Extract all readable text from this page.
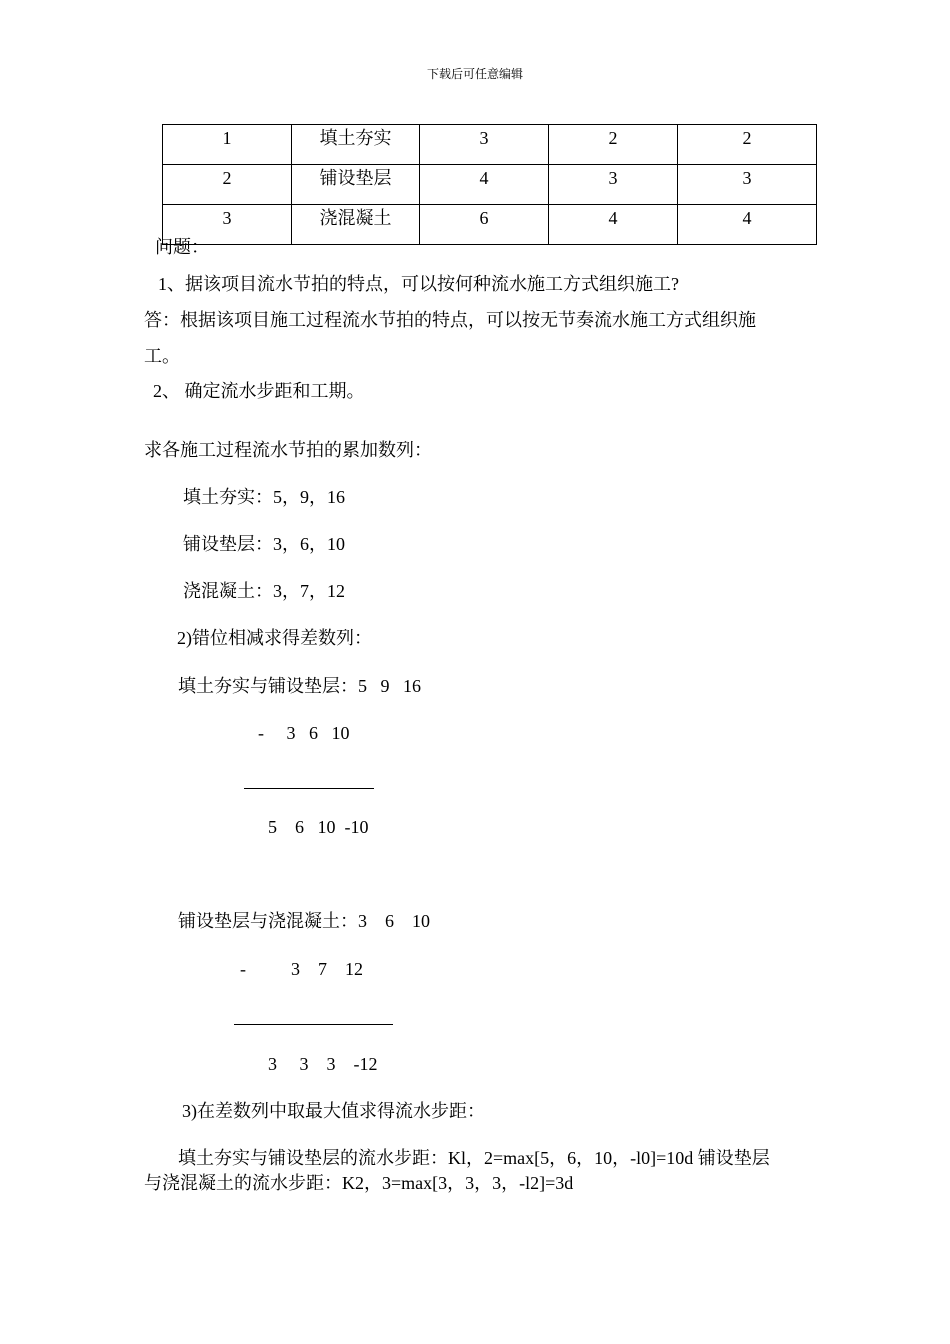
下载后可任意编辑
1	填土夯实	3	2	2
2	铺设垫层	4	3	3
3	浇混凝土	6	4	4
问题：
1、据该项目流水节拍的特点，可以按何种流水施工方式组织施工?
答：根据该项目施工过程流水节拍的特点，可以按无节奏流水施工方式组织施
工。
2、 确定流水步距和工期。
求各施工过程流水节拍的累加数列：
填土夯实：5，9，16
铺设垫层：3，6，10
浇混凝土：3，7，12
2)错位相减求得差数列：
填土夯实与铺设垫层：5   9   16
-     3   6   10
5    6   10  -10
铺设垫层与浇混凝土：3    6    10
-          3    7    12
3     3    3    -12
3)在差数列中取最大值求得流水步距：
填土夯实与铺设垫层的流水步距：Kl，2=max[5，6，10，-l0]=10d 铺设垫层
与浇混凝土的流水步距：K2，3=max[3，3，3，-l2]=3d
